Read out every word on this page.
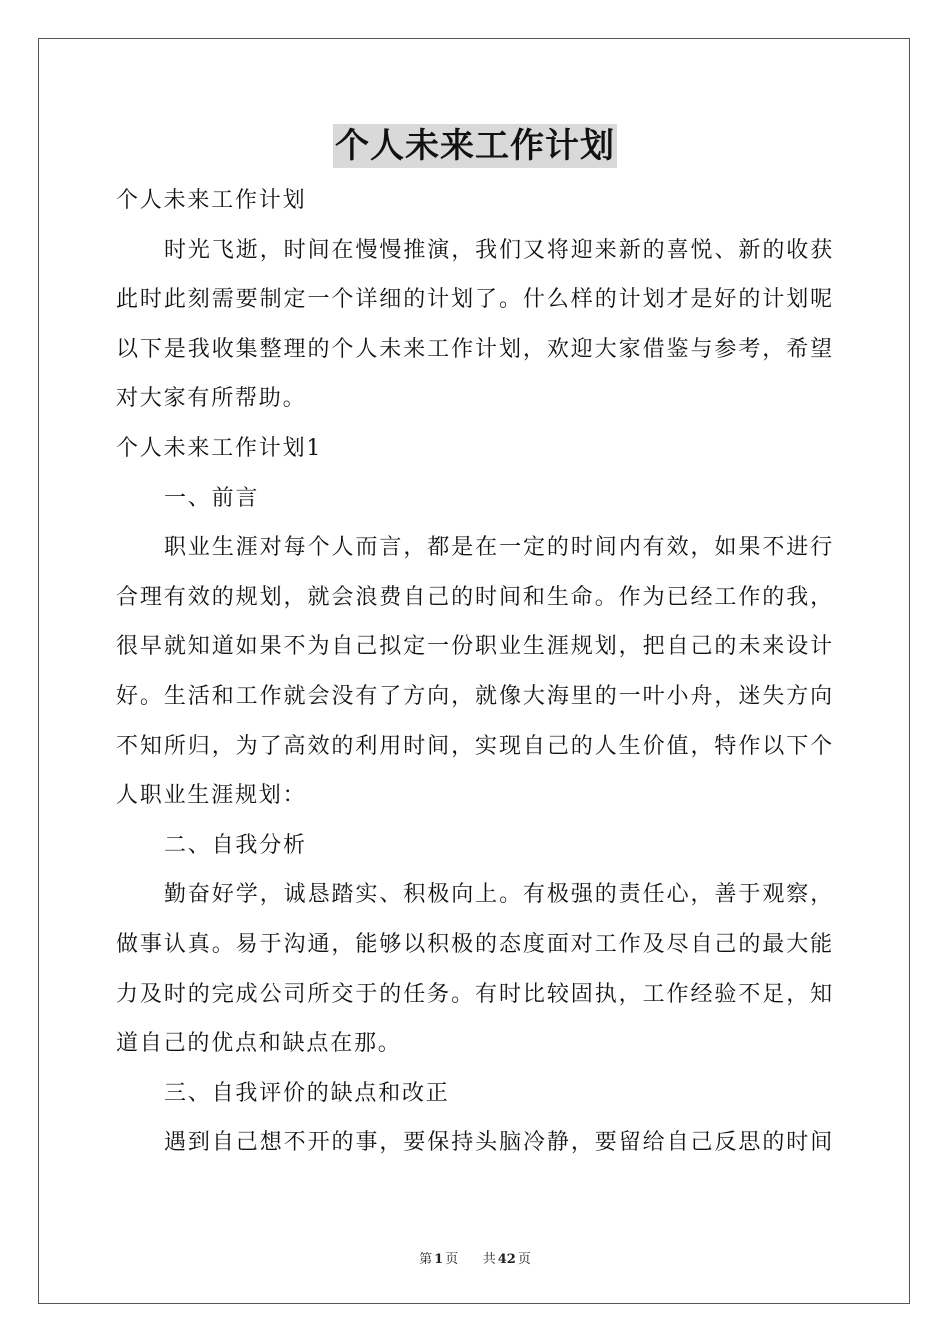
个人未来工作计划
个人未来工作计划
时光飞逝，时间在慢慢推演，我们又将迎来新的喜悦、新的收获
此时此刻需要制定一个详细的计划了。什么样的计划才是好的计划呢
以下是我收集整理的个人未来工作计划，欢迎大家借鉴与参考，希望
对大家有所帮助。
个人未来工作计划1
一、前言
职业生涯对每个人而言，都是在一定的时间内有效，如果不进行
合理有效的规划，就会浪费自己的时间和生命。作为已经工作的我，
很早就知道如果不为自己拟定一份职业生涯规划，把自己的未来设计
好。生活和工作就会没有了方向，就像大海里的一叶小舟，迷失方向
不知所归，为了高效的利用时间，实现自己的人生价值，特作以下个
人职业生涯规划：
二、自我分析
勤奋好学，诚恳踏实、积极向上。有极强的责任心，善于观察，
做事认真。易于沟通，能够以积极的态度面对工作及尽自己的最大能
力及时的完成公司所交于的任务。有时比较固执，工作经验不足，知
道自己的优点和缺点在那。
三、自我评价的缺点和改正
遇到自己想不开的事，要保持头脑冷静，要留给自己反思的时间
第 1 页 共 42 页
